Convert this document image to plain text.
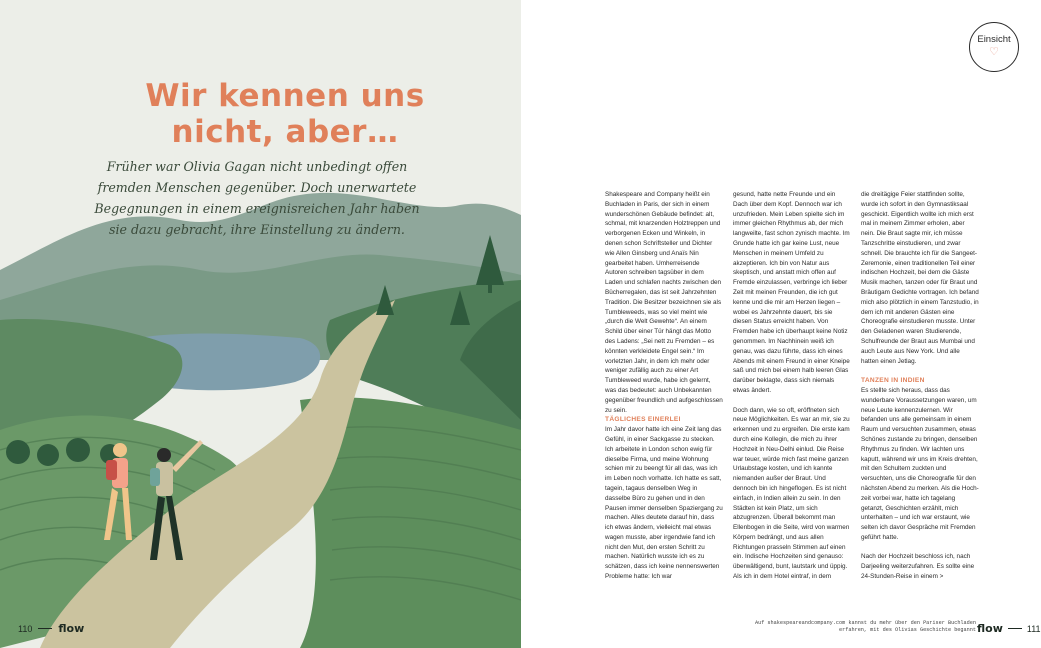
Wir kennen uns nicht, aber…

Früher war Olivia Gagan nicht unbedingt offen fremden Menschen gegenüber. Doch unerwartete Begegnungen in einem ereignisreichen Jahr haben sie dazu gebracht, ihre Einstellung zu ändern.

110 flow
Einsicht
♡

Shakespeare and Company heißt ein Buchladen in Paris, der sich in einem wunderschönen Gebäude befindet: alt, schmal, mit knarzenden Holztreppen und verborgenen Ecken und Winkeln, in denen schon Schriftsteller und Dichter wie Allen Ginsberg und Anaïs Nin gearbeitet haben. Umherreisende Autoren schreiben tagsüber in dem Laden und schlafen nachts zwischen den Bücherregalen, das ist seit Jahrzehnten Tradition. Die Besitzer bezeichnen sie als Tumbleweeds, was so viel meint wie „durch die Welt Gewehte“. An einem Schild über einer Tür hängt das Motto des Ladens: „Sei nett zu Fremden – es könnten verkleidete Engel sein.“ Im vorletzten Jahr, in dem ich mehr oder weniger zufällig auch zu einer Art Tumbleweed wurde, habe ich gelernt, was das bedeutet: auch Unbekannten gegenüber freundlich und aufgeschlossen zu sein.

TÄGLICHES EINERLEI

Im Jahr davor hatte ich eine Zeit lang das Gefühl, in einer Sackgasse zu stecken. Ich arbeitete in London schon ewig für dieselbe Firma, und meine Wohnung schien mir zu beengt für all das, was ich im Leben noch vorhatte. Ich hatte es satt, tagein, tagaus denselben Weg in dasselbe Büro zu gehen und in den Pausen immer denselben Spaziergang zu machen. Alles deutete darauf hin, dass ich etwas ändern, vielleicht mal etwas wagen musste, aber irgendwie fand ich nicht den Mut, den ersten Schritt zu machen. Natürlich wusste ich es zu schätzen, dass ich keine nennenswerten Probleme hatte: Ich war

gesund, hatte nette Freunde und ein Dach über dem Kopf. Dennoch war ich unzufrieden. Mein Leben spielte sich im immer gleichen Rhythmus ab, der mich langweilte, fast schon zynisch machte. Im Grunde hatte ich gar keine Lust, neue Menschen in meinem Umfeld zu akzeptieren. Ich bin von Natur aus skeptisch, und anstatt mich offen auf Fremde einzulassen, verbringe ich lieber Zeit mit meinen Freunden, die ich gut kenne und die mir am Herzen liegen – wobei es Jahrzehnte dauert, bis sie diesen Status erreicht haben. Von Fremden habe ich überhaupt keine Notiz genommen. Im Nachhinein weiß ich genau, was dazu führte, dass ich eines Abends mit einem Freund in einer Kneipe saß und mich bei einem halb leeren Glas darüber beklagte, dass sich niemals etwas ändert.

Doch dann, wie so oft, eröffneten sich neue Möglichkeiten. Es war an mir, sie zu erkennen und zu ergreifen. Die erste kam durch eine Kollegin, die mich zu ihrer Hochzeit in Neu-Delhi einlud. Die Reise war teuer, würde mich fast meine ganzen Urlaubstage kosten, und ich kannte niemanden außer der Braut. Und dennoch bin ich hingeflogen. Es ist nicht einfach, in Indien allein zu sein. In den Städten ist kein Platz, um sich abzugrenzen. Überall bekommt man Ellenbogen in die Seite, wird von warmen Körpern bedrängt, und aus allen Richtungen prasseln Stimmen auf einen ein. Indische Hochzeiten sind genauso: überwältigend, bunt, lautstark und üppig. Als ich in dem Hotel eintraf, in dem

die dreitägige Feier stattfinden sollte, wurde ich sofort in den Gymnastiksaal geschickt. Eigentlich wollte ich mich erst mal in meinem Zimmer erholen, aber nein. Die Braut sagte mir, ich müsse Tanzschritte einstudieren, und zwar schnell. Die brauchte ich für die Sangeet-Zeremonie, einen traditionellen Teil einer indischen Hochzeit, bei dem die Gäste Musik machen, tanzen oder für Braut und Bräutigam Gedichte vortragen. Ich befand mich also plötzlich in einem Tanzstudio, in dem ich mit anderen Gästen eine Choreografie einstudieren musste. Unter den Geladenen waren Studierende, Schulfreunde der Braut aus Mumbai und auch Leute aus New York. Und alle hatten einen Jetlag.

TANZEN IN INDIEN

Es stellte sich heraus, dass das wunderbare Voraussetzungen waren, um neue Leute kennenzulernen. Wir befanden uns alle gemeinsam in einem Raum und versuchten zusammen, etwas Schönes zustande zu bringen, denselben Rhythmus zu finden. Wir lachten uns kaputt, während wir uns im Kreis drehten, mit den Schultern zuckten und versuchten, uns die Choreografie für den nächsten Abend zu merken. Als die Hochzeit vorbei war, hatte ich tagelang getanzt, Geschichten erzählt, mich unterhalten – und ich war erstaunt, wie selten ich davor Gespräche mit Fremden geführt hatte.

Nach der Hochzeit beschloss ich, nach Darjeeling weiterzufahren. Es sollte eine 24-Stunden-Reise in einem >

Auf shakespeareandcompany.com kannst du mehr über den Pariser Buchladen erfahren, mit des Olivias Geschichte begannt flow	111
